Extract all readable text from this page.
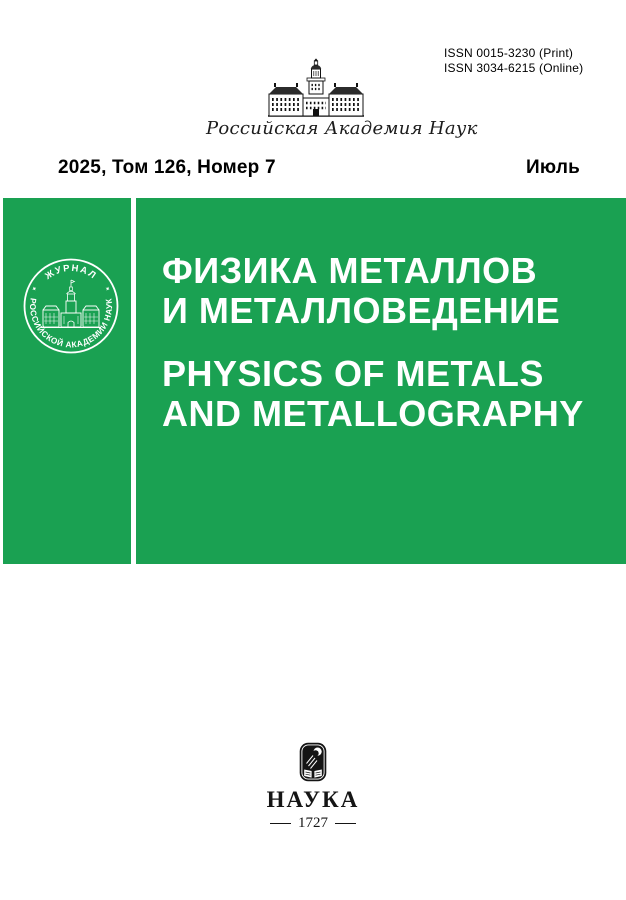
ISSN 0015-3230 (Print)
ISSN 3034-6215 (Online)
Российская Академия Наук
2025, Том 126, Номер 7	Июль
ЖУРНАЛ
РОССИЙСКОЙ АКАДЕМИИ НАУК
✦	✦ ФИЗИКА МЕТАЛЛОВ
И МЕТАЛЛОВЕДЕНИЕ
PHYSICS OF METALS
AND METALLOGRAPHY
НАУКА
1727
